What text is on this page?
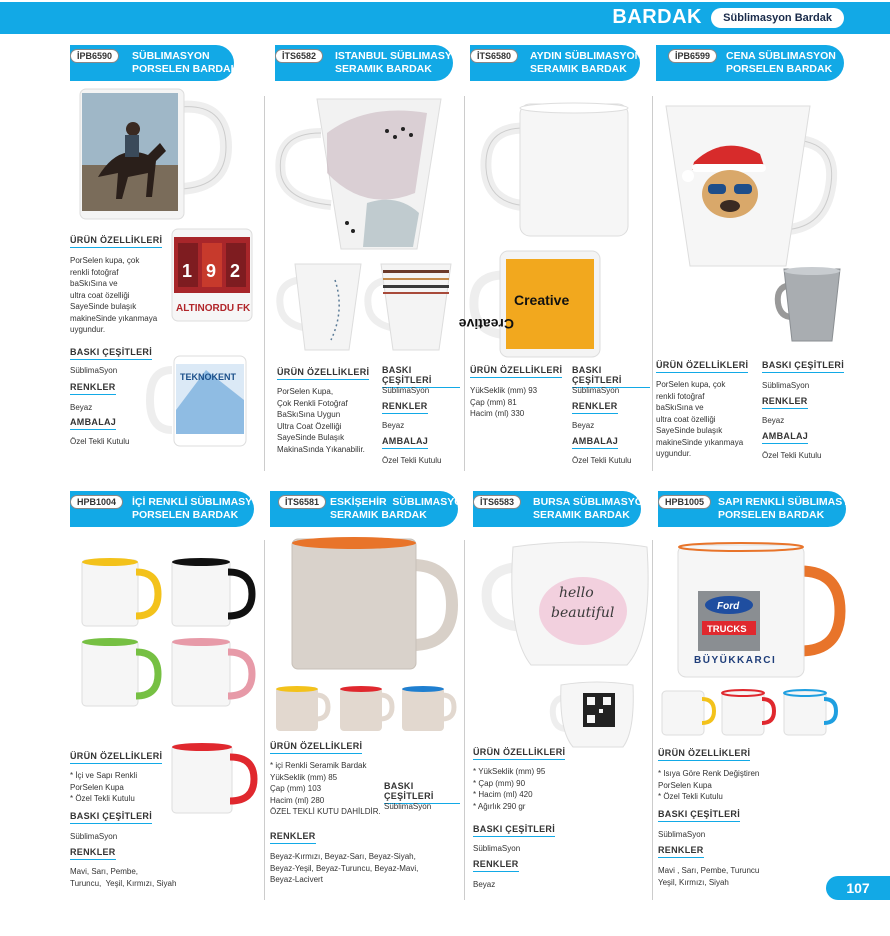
BARDAK	Süblimasyon Bardak
İPB6590	SÜBLIMASYON
PORSELEN BARDAK
1 9 2
ALTINORDU FK
TEKNOKENT
ÜRÜN ÖZELLİKLERİ
PorSelen kupa, çok
renkli fotoğraf
baSkıSına ve
ultra coat özelliği
SayeSinde bulaşık
makineSinde yıkanmaya
uygundur.
BASKI ÇEŞİTLERİ
SüblimaSyon
RENKLER
Beyaz
AMBALAJ
Özel Tekli Kutulu
İTS6582	ISTANBUL SÜBLIMASYON
SERAMIK BARDAK
ÜRÜN ÖZELLİKLERİ
PorSelen Kupa,
Çok Renkli Fotoğraf
BaSkıSına Uygun
Ultra Coat Özelliği
SayeSinde Bulaşık
MakinaSında Yıkanabilir.
BASKI ÇEŞİTLERİ
SüblimaSyon
RENKLER
Beyaz
AMBALAJ
Özel Tekli Kutulu
İTS6580	AYDIN SÜBLIMASYON
SERAMIK BARDAK
Creative
Creative
ÜRÜN ÖZELLİKLERİ
YükSeklik (mm) 93
Çap (mm) 81
Hacim (ml) 330
BASKI ÇEŞİTLERİ
SüblimaSyon
RENKLER
Beyaz
AMBALAJ
Özel Tekli Kutulu
İPB6599	CENA SÜBLIMASYON
PORSELEN BARDAK
ÜRÜN ÖZELLİKLERİ
PorSelen kupa, çok
renkli fotoğraf
baSkıSına ve
ultra coat özelliği
SayeSinde bulaşık
makineSinde yıkanmaya
uygundur.
BASKI ÇEŞİTLERİ
SüblimaSyon
RENKLER
Beyaz
AMBALAJ
Özel Tekli Kutulu
HPB1004	İÇİ RENKLİ SÜBLIMASYON
PORSELEN BARDAK
ÜRÜN ÖZELLİKLERİ
* İçi ve Sapı Renkli
PorSelen Kupa
* Özel Tekli Kutulu
BASKI ÇEŞİTLERİ
SüblimaSyon
RENKLER
Mavi, Sarı, Pembe,
Turuncu,  Yeşil, Kırmızı, Siyah
İTS6581	ESKİŞEHİR  SÜBLIMASYON
SERAMIK BARDAK
ÜRÜN ÖZELLİKLERİ
* içi Renkli Seramik Bardak
YükSeklik (mm) 85
Çap (mm) 103
Hacim (ml) 280
ÖZEL TEKLİ KUTU DAHİLDİR.
BASKI ÇEŞİTLERİ
SüblimaSyon
RENKLER
Beyaz-Kırmızı, Beyaz-Sarı, Beyaz-Siyah,
Beyaz-Yeşil, Beyaz-Turuncu, Beyaz-Mavi,
Beyaz-Lacivert
İTS6583	BURSA SÜBLIMASYON
SERAMIK BARDAK
hello
beautiful
ÜRÜN ÖZELLİKLERİ
* YükSeklik (mm) 95
* Çap (mm) 90
* Hacim (ml) 420
* Ağırlık 290 gr
BASKI ÇEŞİTLERİ
SüblimaSyon
RENKLER
Beyaz
HPB1005	SAPI RENKLİ SÜBLIMASYON
PORSELEN BARDAK
Ford
TRUCKS
BÜYÜKKARCI
ÜRÜN ÖZELLİKLERİ
* Isıya Göre Renk Değiştiren
PorSelen Kupa
* Özel Tekli Kutulu
BASKI ÇEŞİTLERİ
SüblimaSyon
RENKLER
Mavi , Sarı, Pembe, Turuncu
Yeşil, Kırmızı, Siyah	107
